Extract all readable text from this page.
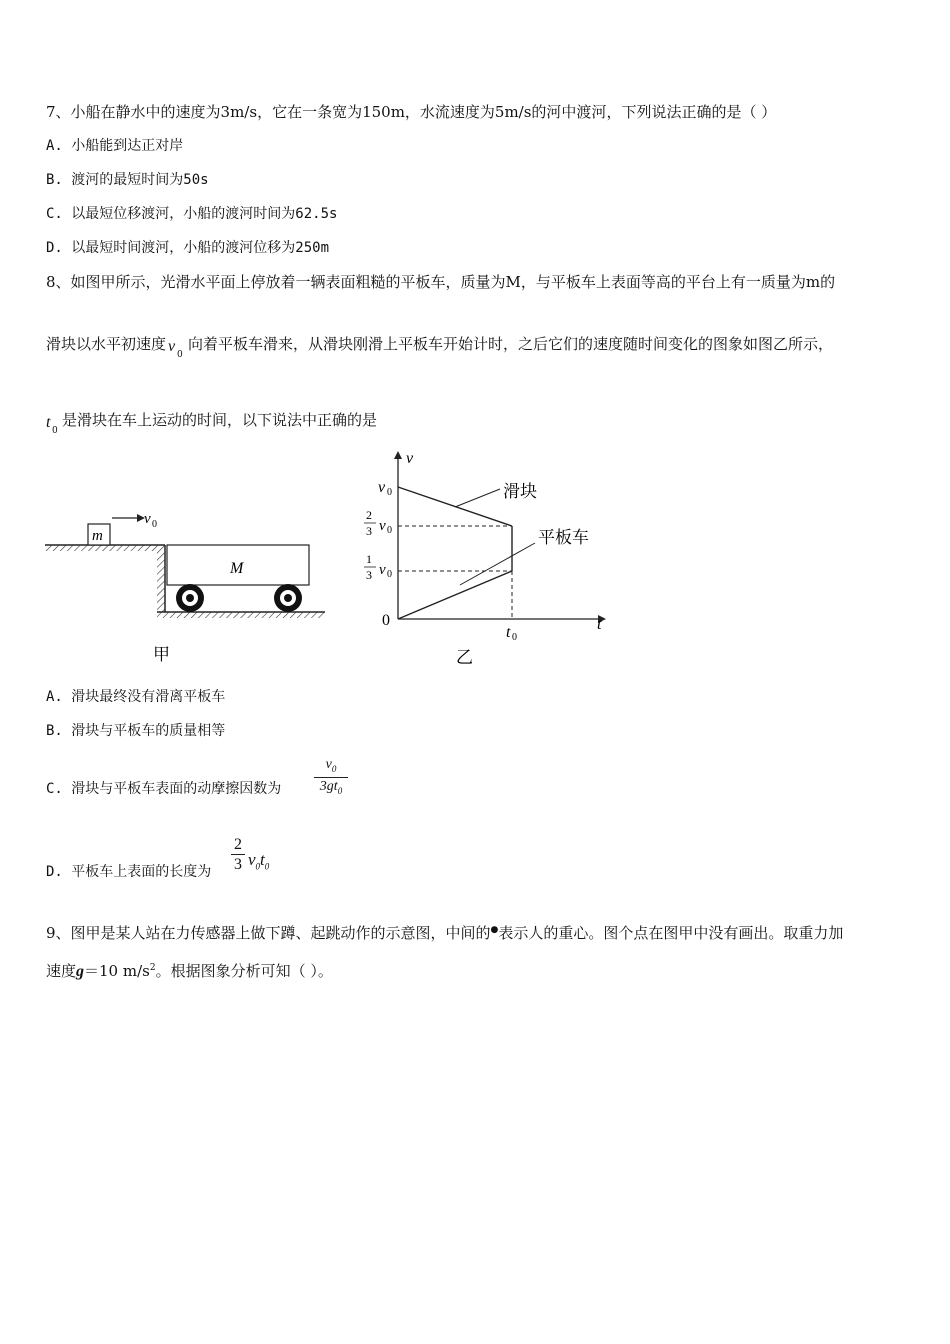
7、小船在静水中的速度为3m/s，它在一条宽为150m，水流速度为5m/s的河中渡河，下列说法正确的是（ ）
A. 小船能到达正对岸
B. 渡河的最短时间为50s
C. 以最短位移渡河，小船的渡河时间为62.5s
D. 以最短时间渡河，小船的渡河位移为250m
8、如图甲所示，光滑水平面上停放着一辆表面粗糙的平板车，质量为M，与平板车上表面等高的平台上有一质量为m的
滑块以水平初速度 v 0
向着平板车滑来，从滑块刚滑上平板车开始计时，之后它们的速度随时间变化的图象如图乙所示，
t 0
是滑块在车上运动的时间，以下说法中正确的是
m
v 0
M
甲
v
t
0
v 0
2
3 v 0
1
3 v 0
t 0
滑块
平板车
乙
A. 滑块最终没有滑离平板车
B. 滑块与平板车的质量相等
C. 滑块与平板车表面的动摩擦因数为 $\frac{v_0}{3gt_0}$
D. 平板车上表面的长度为 $\frac{2}{3} v_0t_0$
9、图甲是某人站在力传感器上做下蹲、起跳动作的示意图，中间的●表示人的重心。图个点在图甲中没有画出。取重力加
速度g＝10 $m/s^2$。根据图象分析可知（ ）。
